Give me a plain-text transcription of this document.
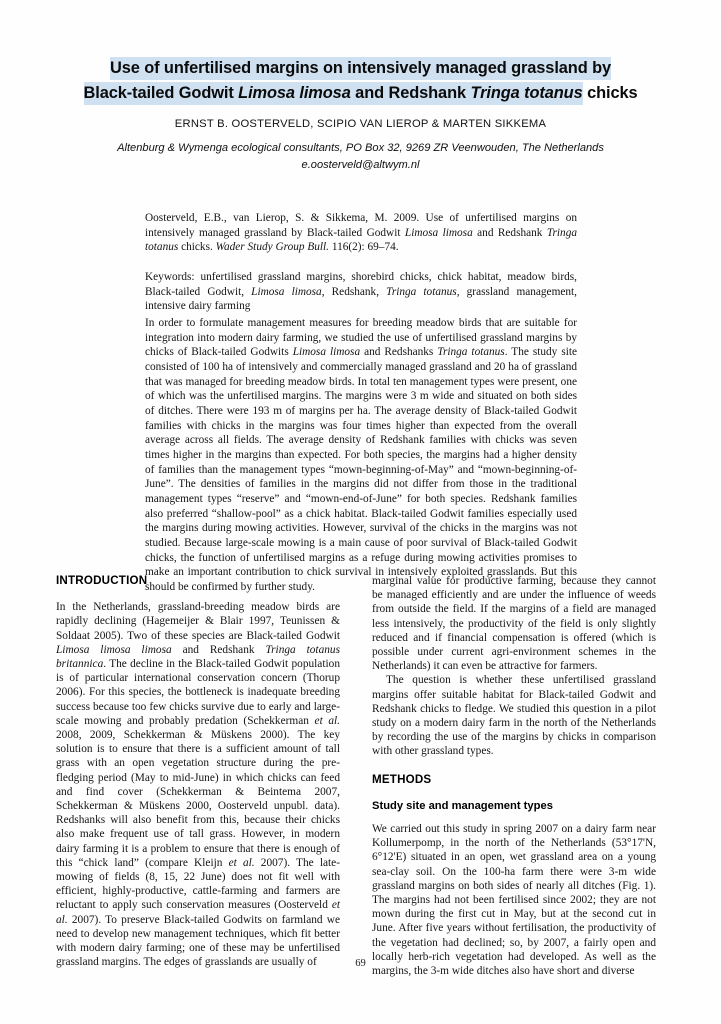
Use of unfertilised margins on intensively managed grassland by
Black-tailed Godwit Limosa limosa and Redshank Tringa totanus chicks
ERNST B. OOSTERVELD, SCIPIO VAN LIEROP & MARTEN SIKKEMA
Altenburg & Wymenga ecological consultants, PO Box 32, 9269 ZR Veenwouden, The Netherlands
e.oosterveld@altwym.nl
Oosterveld, E.B., van Lierop, S. & Sikkema, M. 2009. Use of unfertilised margins on intensively managed grassland by Black-tailed Godwit Limosa limosa and Redshank Tringa totanus chicks. Wader Study Group Bull. 116(2): 69–74.
Keywords: unfertilised grassland margins, shorebird chicks, chick habitat, meadow birds, Black-tailed Godwit, Limosa limosa, Redshank, Tringa totanus, grassland management, intensive dairy farming
In order to formulate management measures for breeding meadow birds that are suitable for integration into modern dairy farming, we studied the use of unfertilised grassland margins by chicks of Black-tailed Godwits Limosa limosa and Redshanks Tringa totanus. The study site consisted of 100 ha of intensively and commercially managed grassland and 20 ha of grassland that was managed for breeding meadow birds. In total ten management types were present, one of which was the unfertilised margins. The margins were 3 m wide and situated on both sides of ditches. There were 193 m of margins per ha. The average density of Black-tailed Godwit families with chicks in the margins was four times higher than expected from the overall average across all fields. The average density of Redshank families with chicks was seven times higher in the margins than expected. For both species, the margins had a higher density of families than the management types “mown-beginning-of-May” and “mown-beginning-of-June”. The densities of families in the margins did not differ from those in the traditional management types “reserve” and “mown-end-of-June” for both species. Redshank families also preferred “shallow-pool” as a chick habitat. Black-tailed Godwit families especially used the margins during mowing activities. However, survival of the chicks in the margins was not studied. Because large-scale mowing is a main cause of poor survival of Black-tailed Godwit chicks, the function of unfertilised margins as a refuge during mowing activities promises to make an important contribution to chick survival in intensively exploited grasslands. But this should be confirmed by further study.
INTRODUCTION

In the Netherlands, grassland-breeding meadow birds are rapidly declining (Hagemeijer & Blair 1997, Teunissen & Soldaat 2005). Two of these species are Black-tailed Godwit Limosa limosa limosa and Redshank Tringa totanus britannica. The decline in the Black-tailed Godwit population is of particular international conservation concern (Thorup 2006). For this species, the bottleneck is inadequate breeding success because too few chicks survive due to early and large-scale mowing and probably predation (Schekkerman et al. 2008, 2009, Schekkerman & Müskens 2000). The key solution is to ensure that there is a sufficient amount of tall grass with an open vegetation structure during the pre-fledging period (May to mid-June) in which chicks can feed and find cover (Schekkerman & Beintema 2007, Schekkerman & Müskens 2000, Oosterveld unpubl. data). Redshanks will also benefit from this, because their chicks also make frequent use of tall grass. However, in modern dairy farming it is a problem to ensure that there is enough of this “chick land” (compare Kleijn et al. 2007). The late-mowing of fields (8, 15, 22 June) does not fit well with efficient, highly-productive, cattle-farming and farmers are reluctant to apply such conservation measures (Oosterveld et al. 2007). To preserve Black-tailed Godwits on farmland we need to develop new management techniques, which fit better with modern dairy farming; one of these may be unfertilised grassland margins. The edges of grasslands are usually of

marginal value for productive farming, because they cannot be managed efficiently and are under the influence of weeds from outside the field. If the margins of a field are managed less intensively, the productivity of the field is only slightly reduced and if financial compensation is offered (which is possible under current agri-environment schemes in the Netherlands) it can even be attractive for farmers.

The question is whether these unfertilised grassland margins offer suitable habitat for Black-tailed Godwit and Redshank chicks to fledge. We studied this question in a pilot study on a modern dairy farm in the north of the Netherlands by recording the use of the margins by chicks in comparison with other grassland types.

METHODS
Study site and management types

We carried out this study in spring 2007 on a dairy farm near Kollumerpomp, in the north of the Netherlands (53°17'N, 6°12'E) situated in an open, wet grassland area on a young sea-clay soil. On the 100-ha farm there were 3-m wide grassland margins on both sides of nearly all ditches (Fig. 1). The margins had not been fertilised since 2002; they are not mown during the first cut in May, but at the second cut in June. After five years without fertilisation, the productivity of the vegetation had declined; so, by 2007, a fairly open and locally herb-rich vegetation had developed. As well as the margins, the 3-m wide ditches also have short and diverse

69
